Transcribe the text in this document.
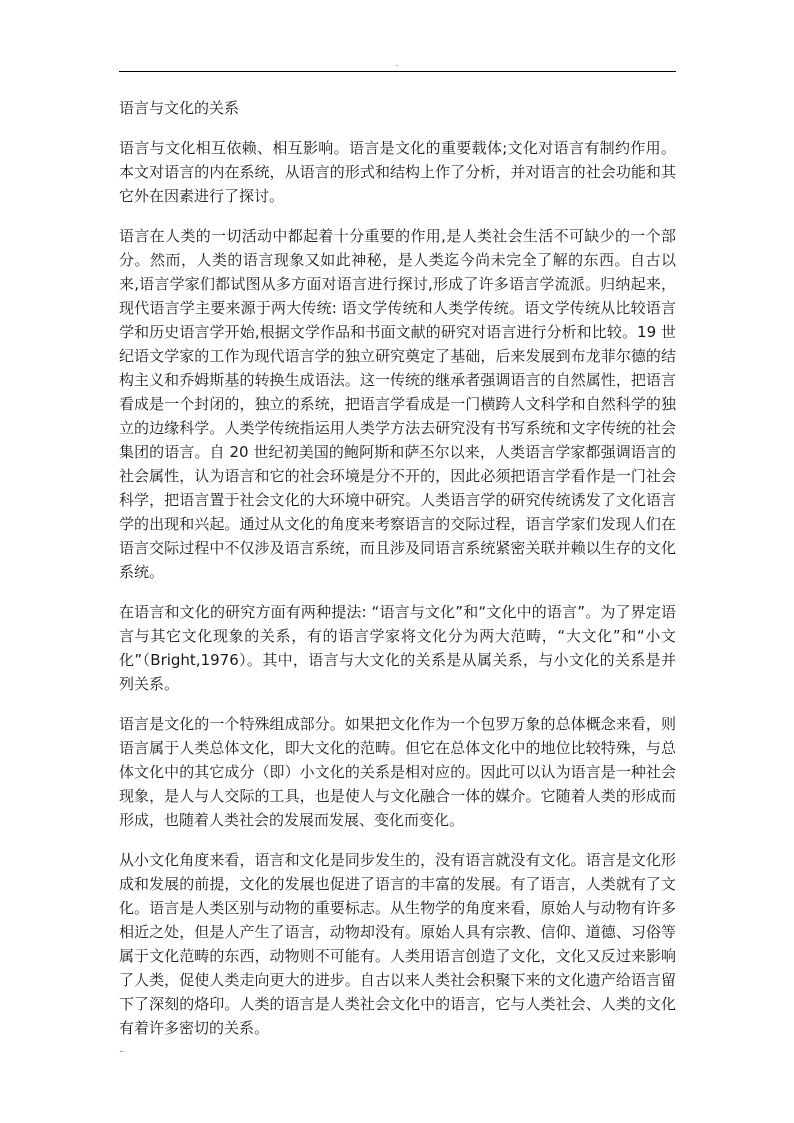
.

语言与文化的关系

语言与文化相互依赖、相互影响。语言是文化的重要载体;文化对语言有制约作用。本文对语言的内在系统，从语言的形式和结构上作了分析，并对语言的社会功能和其它外在因素进行了探讨。

语言在人类的一切活动中都起着十分重要的作用,是人类社会生活不可缺少的一个部分。然而，人类的语言现象又如此神秘，是人类迄今尚未完全了解的东西。自古以来,语言学家们都试图从多方面对语言进行探讨,形成了许多语言学流派。归纳起来，现代语言学主要来源于两大传统: 语文学传统和人类学传统。语文学传统从比较语言学和历史语言学开始,根据文学作品和书面文献的研究对语言进行分析和比较。19 世纪语文学家的工作为现代语言学的独立研究奠定了基础，后来发展到布龙菲尔德的结构主义和乔姆斯基的转换生成语法。这一传统的继承者强调语言的自然属性，把语言看成是一个封闭的，独立的系统，把语言学看成是一门横跨人文科学和自然科学的独立的边缘科学。人类学传统指运用人类学方法去研究没有书写系统和文字传统的社会集团的语言。自 20 世纪初美国的鲍阿斯和萨丕尔以来，人类语言学家都强调语言的社会属性，认为语言和它的社会环境是分不开的，因此必须把语言学看作是一门社会科学，把语言置于社会文化的大环境中研究。人类语言学的研究传统诱发了文化语言学的出现和兴起。通过从文化的角度来考察语言的交际过程，语言学家们发现人们在语言交际过程中不仅涉及语言系统，而且涉及同语言系统紧密关联并赖以生存的文化系统。

在语言和文化的研究方面有两种提法: “语言与文化”和“文化中的语言”。为了界定语言与其它文化现象的关系，有的语言学家将文化分为两大范畴，“大文化”和“小文化”（Bright,1976）。其中，语言与大文化的关系是从属关系，与小文化的关系是并列关系。

语言是文化的一个特殊组成部分。如果把文化作为一个包罗万象的总体概念来看，则语言属于人类总体文化，即大文化的范畴。但它在总体文化中的地位比较特殊，与总体文化中的其它成分（即）小文化的关系是相对应的。因此可以认为语言是一种社会现象，是人与人交际的工具，也是使人与文化融合一体的媒介。它随着人类的形成而形成，也随着人类社会的发展而发展、变化而变化。

从小文化角度来看，语言和文化是同步发生的，没有语言就没有文化。语言是文化形成和发展的前提，文化的发展也促进了语言的丰富的发展。有了语言，人类就有了文化。语言是人类区别与动物的重要标志。从生物学的角度来看，原始人与动物有许多相近之处，但是人产生了语言，动物却没有。原始人具有宗教、信仰、道德、习俗等属于文化范畴的东西，动物则不可能有。人类用语言创造了文化，文化又反过来影响了人类，促使人类走向更大的进步。自古以来人类社会积聚下来的文化遗产给语言留下了深刻的烙印。人类的语言是人类社会文化中的语言，它与人类社会、人类的文化有着许多密切的关系。

..
